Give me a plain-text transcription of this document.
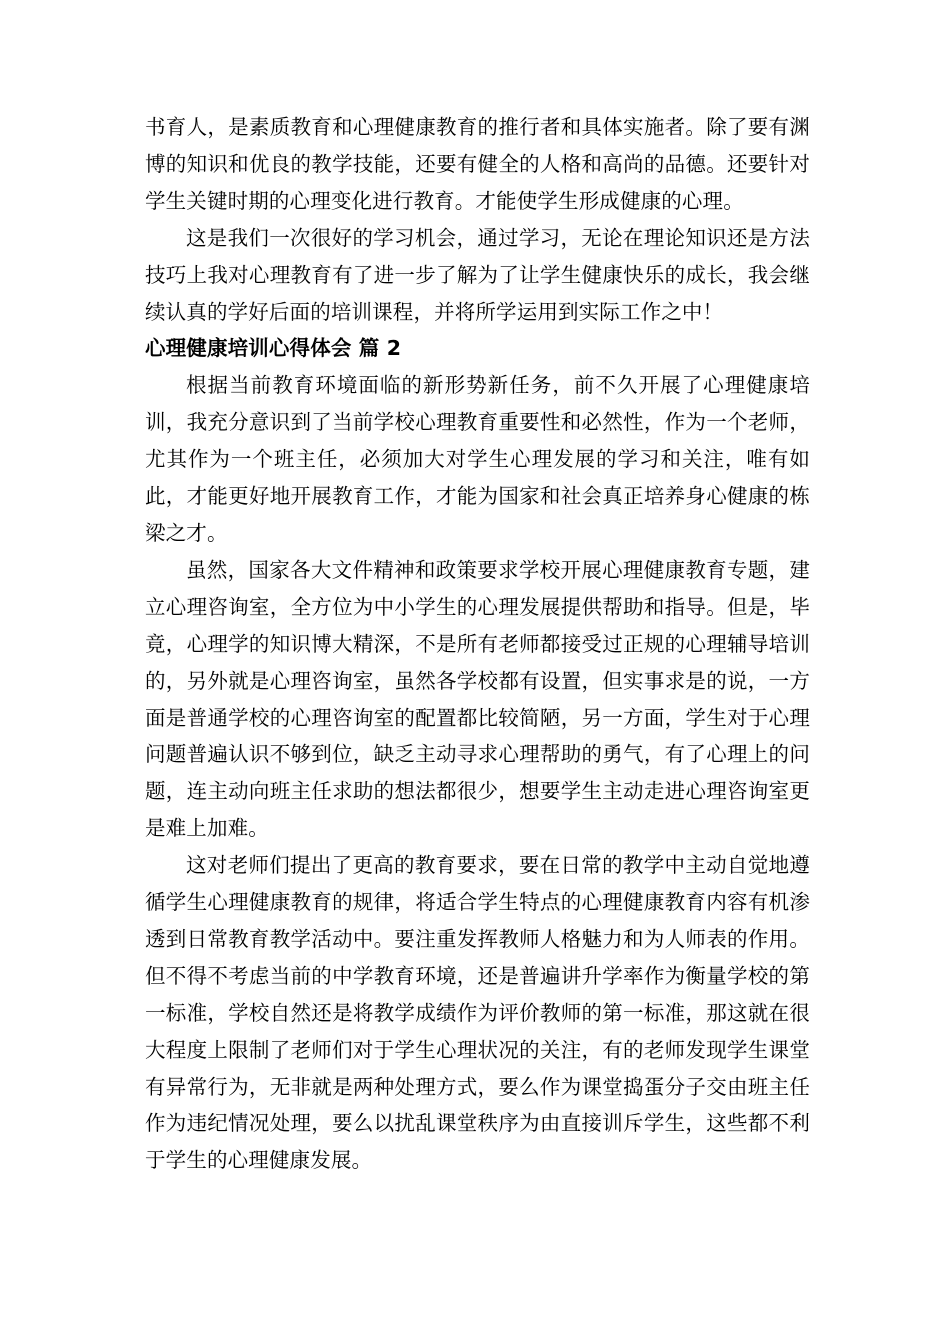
书育人，是素质教育和心理健康教育的推行者和具体实施者。除了要有渊博的知识和优良的教学技能，还要有健全的人格和高尚的品德。还要针对学生关键时期的心理变化进行教育。才能使学生形成健康的心理。

这是我们一次很好的学习机会，通过学习，无论在理论知识还是方法技巧上我对心理教育有了进一步了解为了让学生健康快乐的成长，我会继续认真的学好后面的培训课程，并将所学运用到实际工作之中！

心理健康培训心得体会 篇 2

根据当前教育环境面临的新形势新任务，前不久开展了心理健康培训，我充分意识到了当前学校心理教育重要性和必然性，作为一个老师，尤其作为一个班主任，必须加大对学生心理发展的学习和关注，唯有如此，才能更好地开展教育工作，才能为国家和社会真正培养身心健康的栋梁之才。

虽然，国家各大文件精神和政策要求学校开展心理健康教育专题，建立心理咨询室，全方位为中小学生的心理发展提供帮助和指导。但是，毕竟，心理学的知识博大精深，不是所有老师都接受过正规的心理辅导培训的，另外就是心理咨询室，虽然各学校都有设置，但实事求是的说，一方面是普通学校的心理咨询室的配置都比较简陋，另一方面，学生对于心理问题普遍认识不够到位，缺乏主动寻求心理帮助的勇气，有了心理上的问题，连主动向班主任求助的想法都很少，想要学生主动走进心理咨询室更是难上加难。

这对老师们提出了更高的教育要求，要在日常的教学中主动自觉地遵循学生心理健康教育的规律，将适合学生特点的心理健康教育内容有机渗透到日常教育教学活动中。要注重发挥教师人格魅力和为人师表的作用。但不得不考虑当前的中学教育环境，还是普遍讲升学率作为衡量学校的第一标准，学校自然还是将教学成绩作为评价教师的第一标准，那这就在很大程度上限制了老师们对于学生心理状况的关注，有的老师发现学生课堂有异常行为，无非就是两种处理方式，要么作为课堂捣蛋分子交由班主任作为违纪情况处理，要么以扰乱课堂秩序为由直接训斥学生，这些都不利于学生的心理健康发展。
